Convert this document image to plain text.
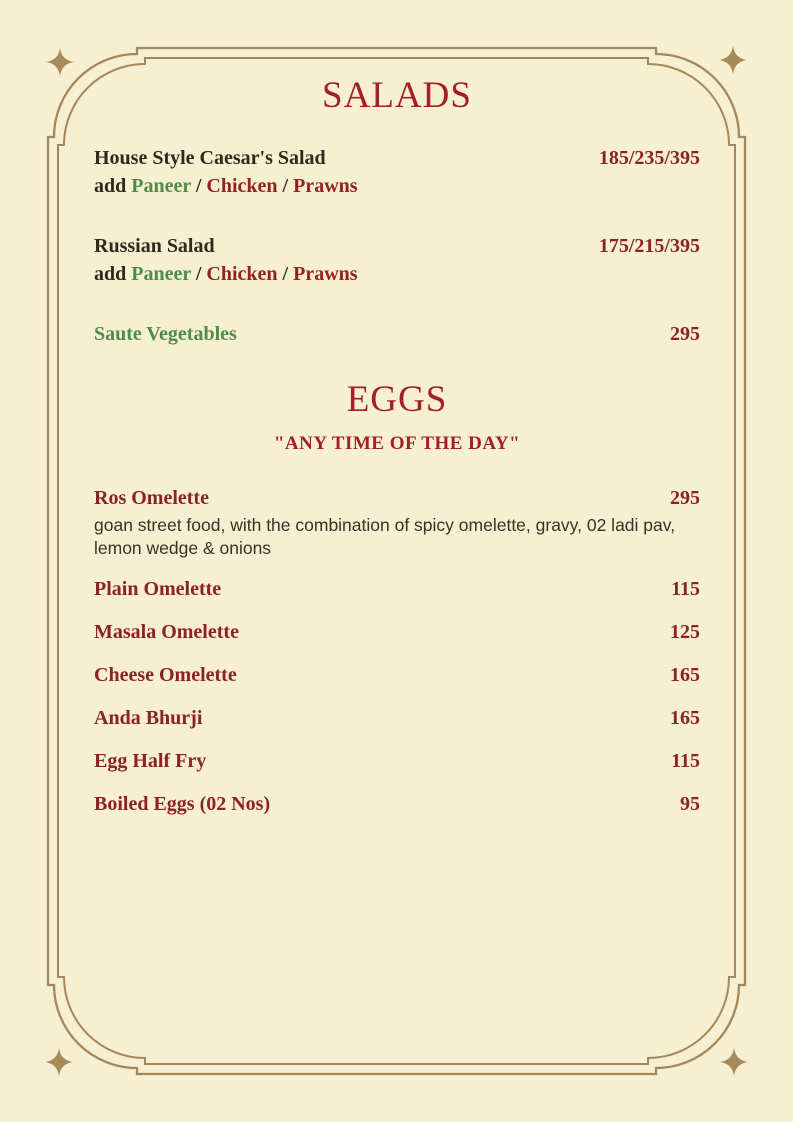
SALADS
House Style Caesar's Salad	185/235/395
add Paneer / Chicken / Prawns
Russian Salad	175/215/395
add Paneer / Chicken / Prawns
Saute Vegetables	295
EGGS
"ANY TIME OF THE DAY"
Ros Omelette	295
goan street food, with the combination of spicy omelette, gravy, 02 ladi pav, lemon wedge & onions
Plain Omelette	115
Masala Omelette	125
Cheese Omelette	165
Anda Bhurji	165
Egg Half Fry	115
Boiled Eggs (02 Nos)	95
